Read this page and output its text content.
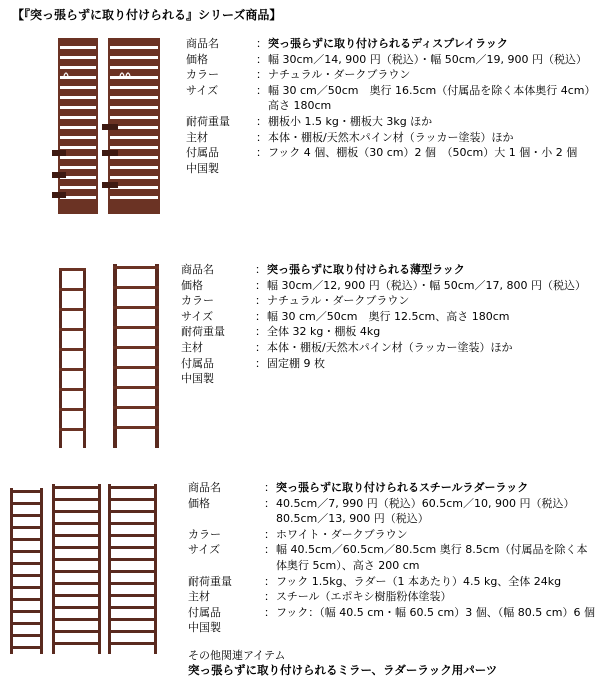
【『突っ張らずに取り付けられる』シリーズ商品】
商品名	： 突っ張らずに取り付けられるディスプレイラック
価格	： 幅 30cm／14, 900 円（税込）・幅 50cm／19, 900 円（税込）
カラー	： ナチュラル・ダークブラウン
サイズ	： 幅 30 cm／50cm　奥行 16.5cm（付属品を除く本体奥行 4cm）
高さ 180cm
耐荷重量	： 棚板小 1.5 kg・棚板大 3kg ほか
主材	： 本体・棚板/天然木パイン材（ラッカー塗装）ほか
付属品	： フック 4 個、棚板（30 cm）2 個　（50cm）大 1 個・小 2 個
中国製
商品名	： 突っ張らずに取り付けられる薄型ラック
価格	： 幅 30cm／12, 900 円（税込）・幅 50cm／17, 800 円（税込）
カラー	： ナチュラル・ダークブラウン
サイズ	： 幅 30 cm／50cm　奥行 12.5cm、高さ 180cm
耐荷重量	： 全体 32 kg・棚板 4kg
主材	： 本体・棚板/天然木パイン材（ラッカー塗装）ほか
付属品	： 固定棚 9 枚
中国製
商品名	： 突っ張らずに取り付けられるスチールラダーラック
価格	： 40.5cm／7, 990 円（税込）60.5cm／10, 900 円（税込）
80.5cm／13, 900 円（税込）
カラー	： ホワイト・ダークブラウン
サイズ	： 幅 40.5cm／60.5cm／80.5cm 奥行 8.5cm（付属品を除く本体奥行 5cm）、高さ 200 cm
耐荷重量	： フック 1.5kg、ラダー（1 本あたり）4.5 kg、全体 24kg
主材	： スチール（エポキシ樹脂粉体塗装）
付属品	： フック：（幅 40.5 cm・幅 60.5 cm）3 個、（幅 80.5 cm）6 個
中国製
その他関連アイテム
突っ張らずに取り付けられるミラー、ラダーラック用パーツ
